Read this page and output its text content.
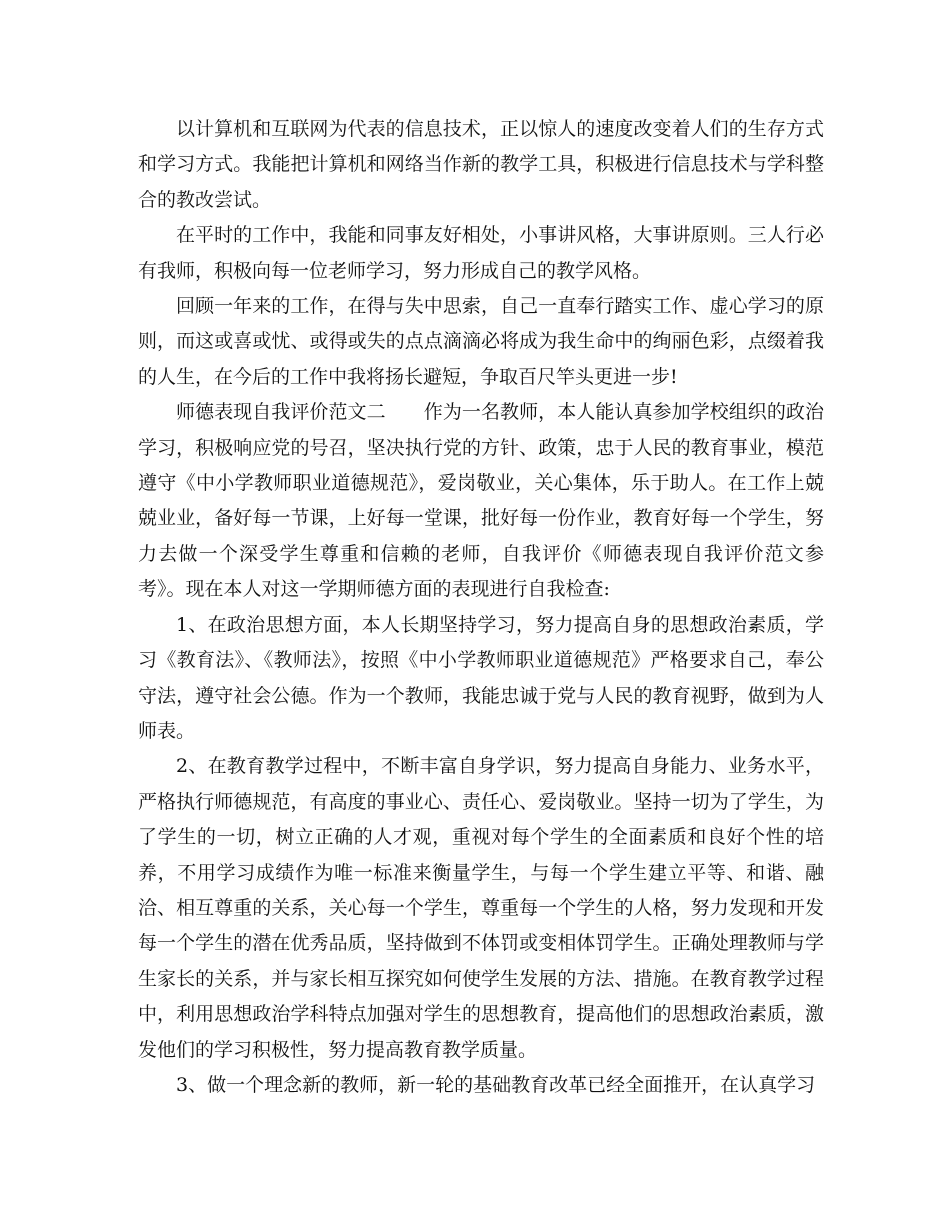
以计算机和互联网为代表的信息技术，正以惊人的速度改变着人们的生存方式和学习方式。我能把计算机和网络当作新的教学工具，积极进行信息技术与学科整合的教改尝试。

在平时的工作中，我能和同事友好相处，小事讲风格，大事讲原则。三人行必有我师，积极向每一位老师学习，努力形成自己的教学风格。

回顾一年来的工作，在得与失中思索，自己一直奉行踏实工作、虚心学习的原则，而这或喜或忧、或得或失的点点滴滴必将成为我生命中的绚丽色彩，点缀着我的人生，在今后的工作中我将扬长避短，争取百尺竿头更进一步!

师德表现自我评价范文二　　作为一名教师，本人能认真参加学校组织的政治学习，积极响应党的号召，坚决执行党的方针、政策，忠于人民的教育事业，模范遵守《中小学教师职业道德规范》，爱岗敬业，关心集体，乐于助人。在工作上兢兢业业，备好每一节课，上好每一堂课，批好每一份作业，教育好每一个学生，努力去做一个深受学生尊重和信赖的老师，自我评价《师德表现自我评价范文参考》。现在本人对这一学期师德方面的表现进行自我检查:

1、在政治思想方面，本人长期坚持学习，努力提高自身的思想政治素质，学习《教育法》、《教师法》，按照《中小学教师职业道德规范》严格要求自己，奉公守法，遵守社会公德。作为一个教师，我能忠诚于党与人民的教育视野，做到为人师表。

2、在教育教学过程中，不断丰富自身学识，努力提高自身能力、业务水平，严格执行师德规范，有高度的事业心、责任心、爱岗敬业。坚持一切为了学生，为了学生的一切，树立正确的人才观，重视对每个学生的全面素质和良好个性的培养，不用学习成绩作为唯一标准来衡量学生，与每一个学生建立平等、和谐、融洽、相互尊重的关系，关心每一个学生，尊重每一个学生的人格，努力发现和开发每一个学生的潜在优秀品质，坚持做到不体罚或变相体罚学生。正确处理教师与学生家长的关系，并与家长相互探究如何使学生发展的方法、措施。在教育教学过程中，利用思想政治学科特点加强对学生的思想教育，提高他们的思想政治素质，激发他们的学习积极性，努力提高教育教学质量。

3、做一个理念新的教师，新一轮的基础教育改革已经全面推开，在认真学习
